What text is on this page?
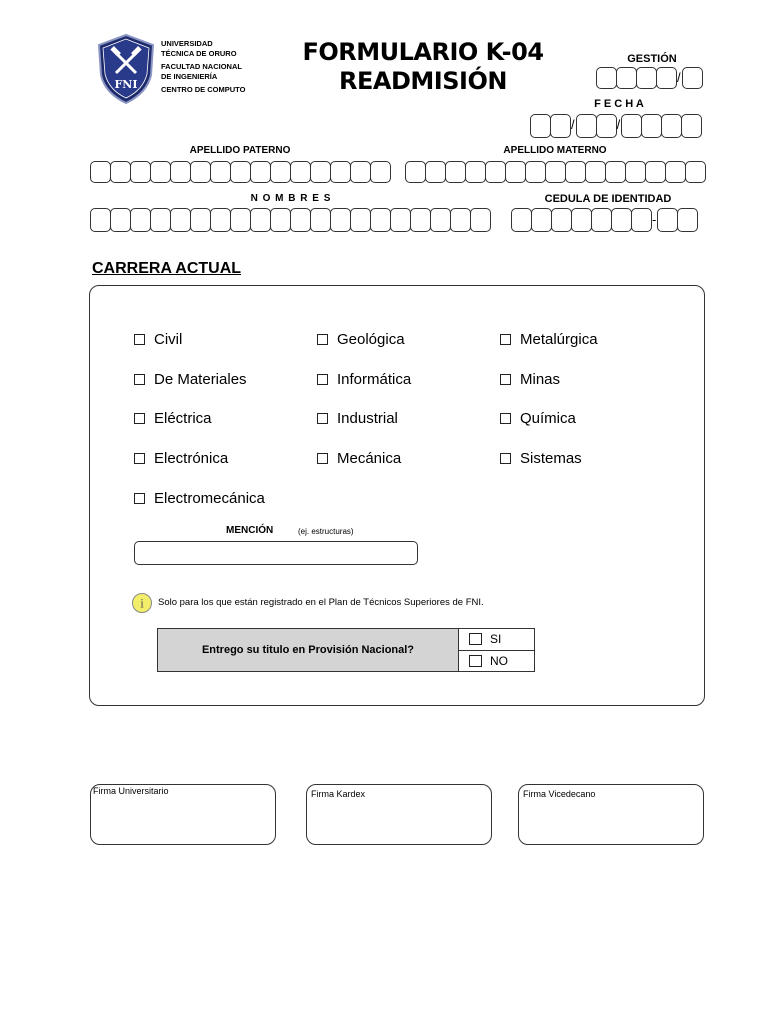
FNI
UNIVERSIDAD
TÉCNICA DE ORURO
FACULTAD NACIONAL
DE INGENIERÍA
CENTRO DE COMPUTO
FORMULARIO K-04
READMISIÓN
GESTIÓN
/
F E C H A
/	/
APELLIDO PATERNO	APELLIDO MATERNO
N O M B R E S	CEDULA DE IDENTIDAD
-
CARRERA ACTUAL
Civil
De Materiales
Eléctrica
Electrónica
Electromecánica
Geológica
Informática
Industrial
Mecánica
Metalúrgica
Minas
Química
Sistemas
MENCIÓN	(ej. estructuras)
i Solo para los que están registrado en el Plan de Técnicos Superiores de FNI.
Entrego su titulo en Provisión Nacional?
SI
NO
Firma Universitario	Firma Kardex	Firma Vicedecano
